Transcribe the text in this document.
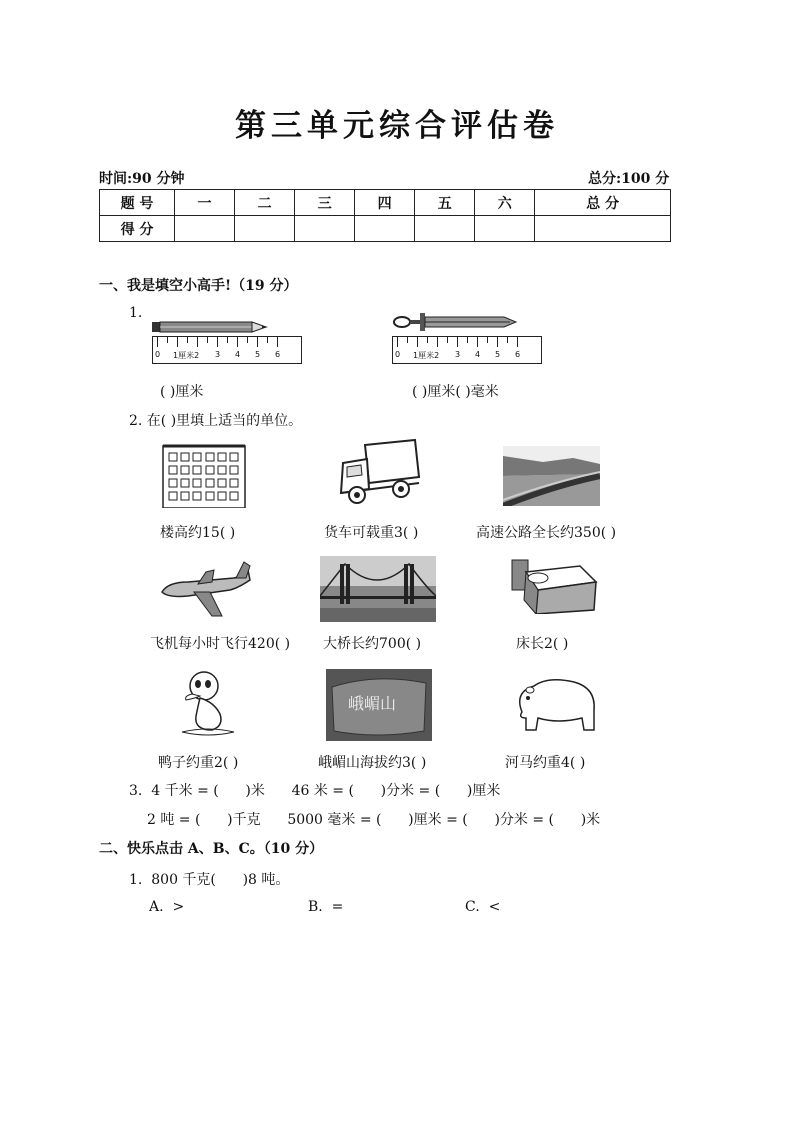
第三单元综合评估卷
时间:90 分钟	总分:100 分
题 号	一	二	三	四	五	六	总 分
得 分							
一、我是填空小高手!（19 分）
1.
0 1厘米2 3 4 5 6	0 1厘米2 3 4 5 6
( )厘米	( )厘米( )毫米
2. 在( )里填上适当的单位。
楼高约15( )	货车可载重3( )	高速公路全长约350( )
飞机每小时飞行420( ) 大桥长约700( )	床长2( )
峨嵋山
鸭子约重2( )	峨嵋山海拔约3( )	河马约重4( )
3.  4 千米 = (      )米      46 米 = (      )分米 = (      )厘米
2 吨 = (      )千克      5000 毫米 = (      )厘米 = (      )分米 = (      )米
二、快乐点击 A、B、C。（10 分）
1.  800 千克(      )8 吨。
A.  >	B.  =	C.  <
